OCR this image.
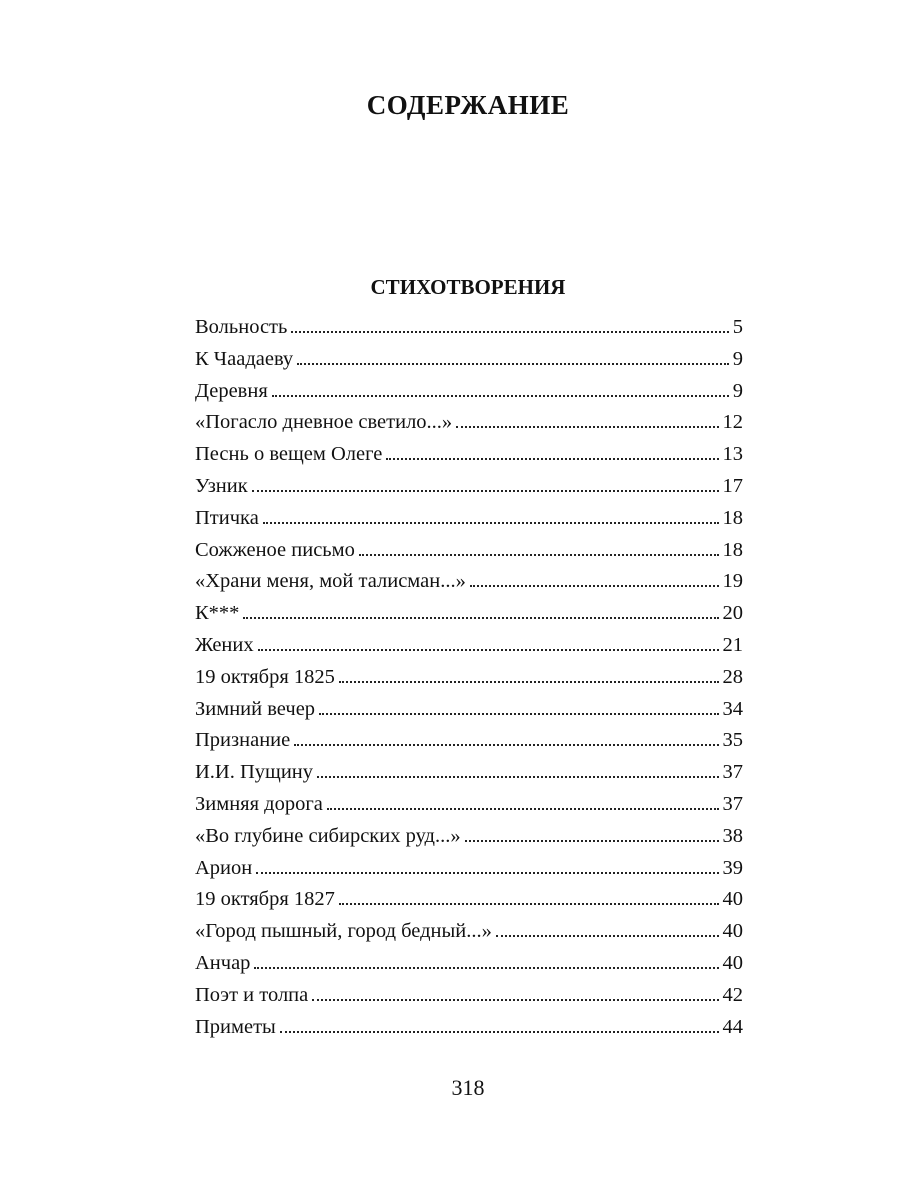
СОДЕРЖАНИЕ
СТИХОТВОРЕНИЯ
Вольность	5
К Чаадаеву	9
Деревня	9
«Погасло дневное светило...»	12
Песнь о вещем Олеге	13
Узник	17
Птичка	18
Сожженое письмо	18
«Храни меня, мой талисман...»	19
К***	20
Жених	21
19 октября 1825	28
Зимний вечер	34
Признание	35
И.И. Пущину	37
Зимняя дорога	37
«Во глубине сибирских руд...»	38
Арион	39
19 октября 1827	40
«Город пышный, город бедный...»	40
Анчар	40
Поэт и толпа	42
Приметы	44
318
